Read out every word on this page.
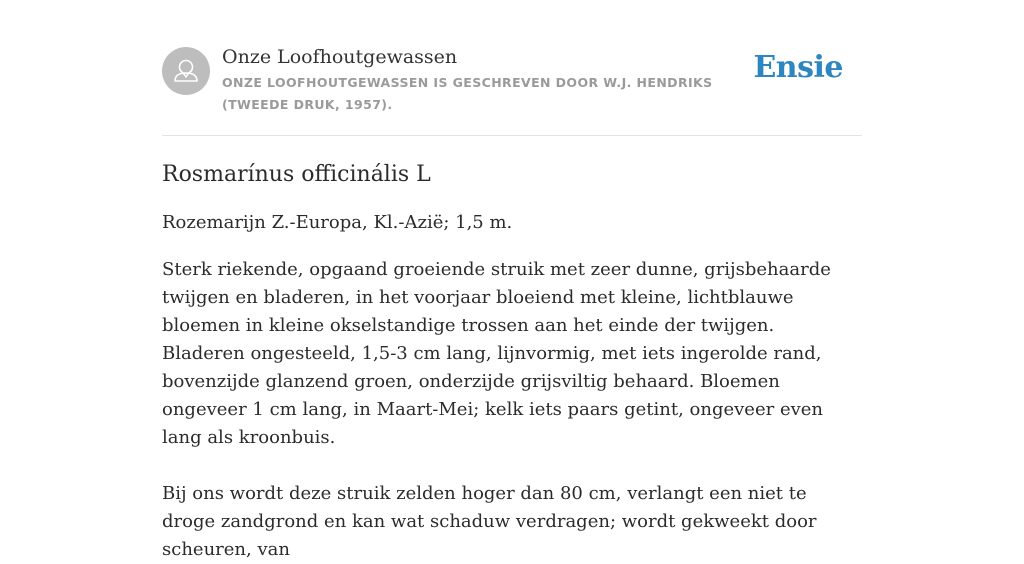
Onze Loofhoutgewassen
ONZE LOOFHOUTGEWASSEN IS GESCHREVEN DOOR W.J. HENDRIKS (TWEEDE DRUK, 1957).
Ensie
Rosmarínus officinális L

Rozemarijn Z.-Europa, Kl.-Azië; 1,5 m.

Sterk riekende, opgaand groeiende struik met zeer dunne, grijsbehaarde twijgen en bladeren, in het voorjaar bloeiend met kleine, lichtblauwe bloemen in kleine okselstandige trossen aan het einde der twijgen. Bladeren ongesteeld, 1,5-3 cm lang, lijnvormig, met iets ingerolde rand, bovenzijde glanzend groen, onderzijde grijsviltig behaard. Bloemen ongeveer 1 cm lang, in Maart-Mei; kelk iets paars getint, ongeveer even lang als kroonbuis.

Bij ons wordt deze struik zelden hoger dan 80 cm, verlangt een niet te droge zandgrond en kan wat schaduw verdragen; wordt gekweekt door scheuren, van
